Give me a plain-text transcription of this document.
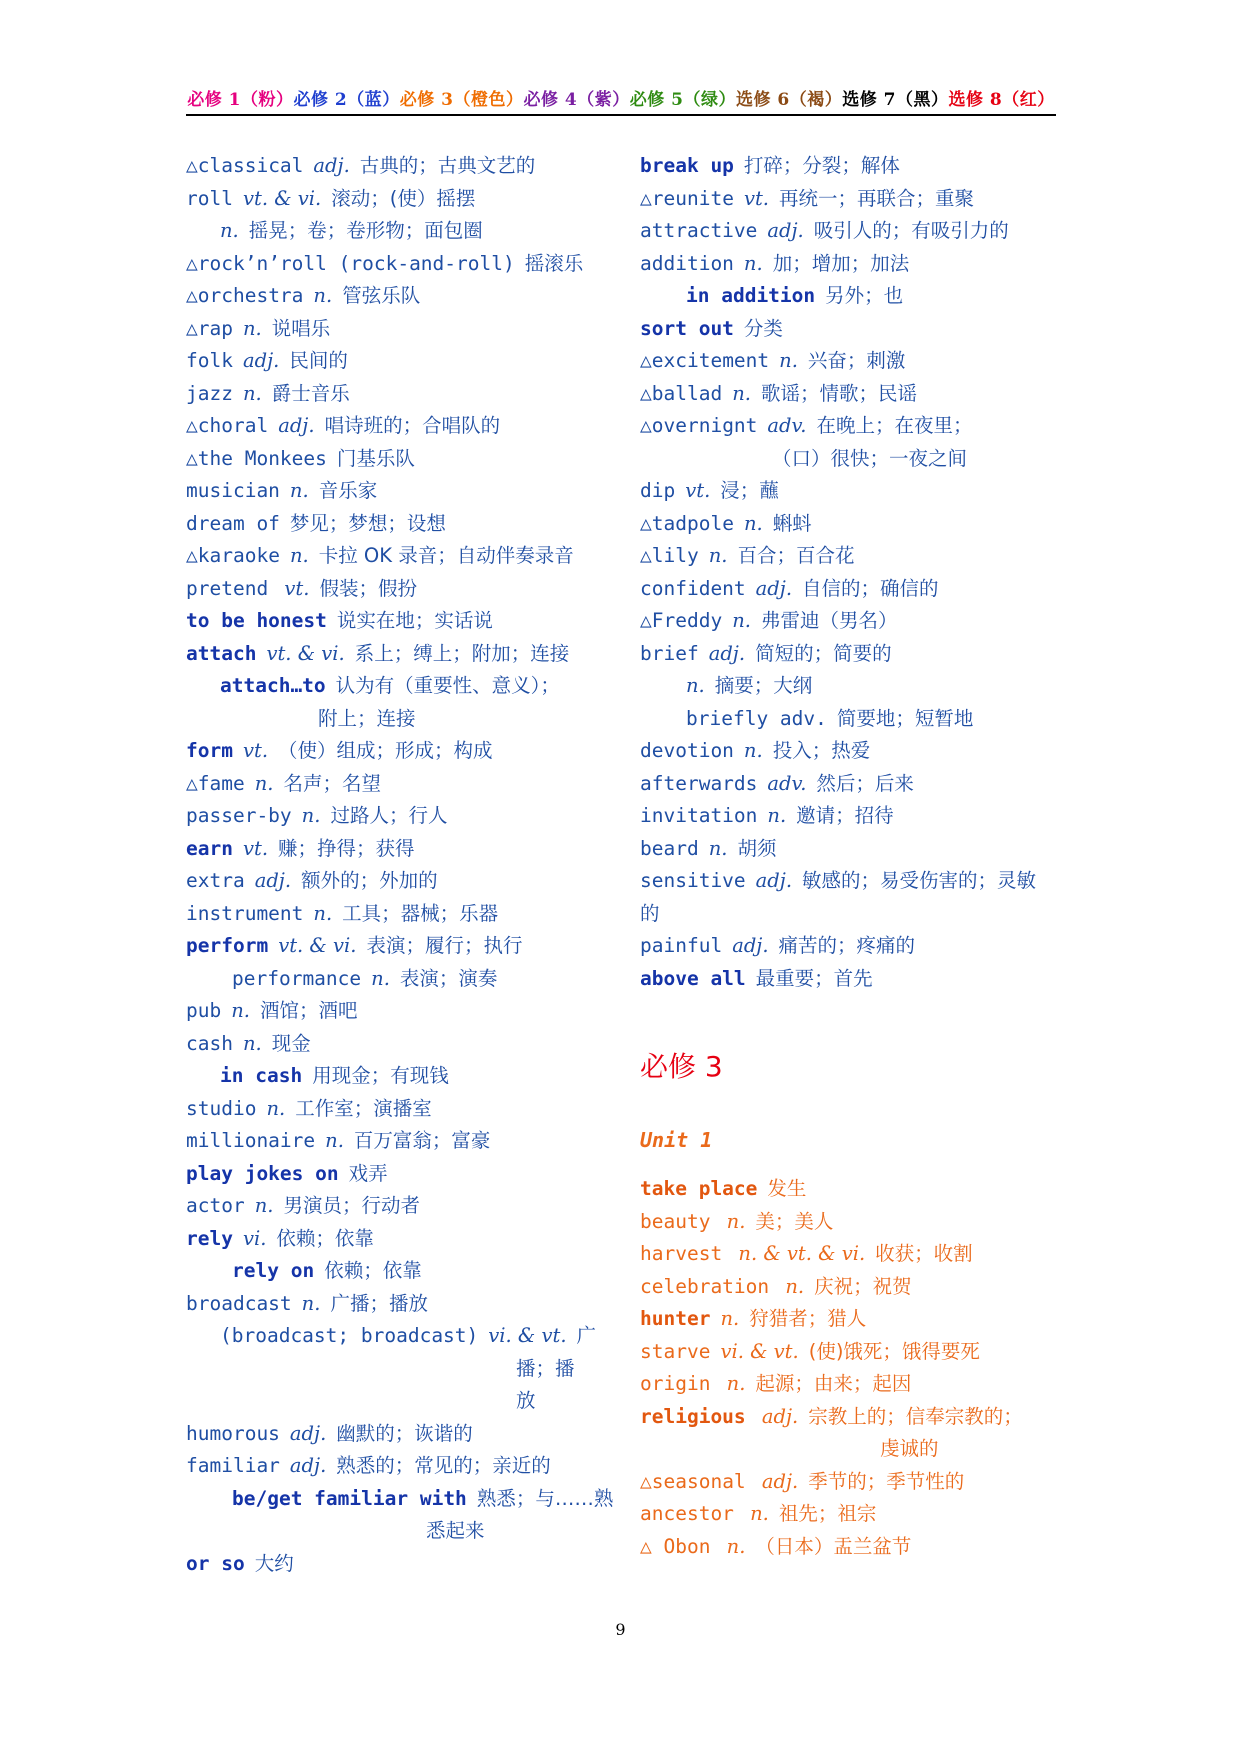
必修 1（粉）必修 2（蓝）必修 3（橙色）必修 4（紫）必修 5（绿）选修 6（褐）选修 7（黑）选修 8（红）
△classical adj. 古典的；古典文艺的
roll vt. & vi. 滚动；(使）摇摆
n. 摇晃；卷；卷形物；面包圈
△rock’n’roll (rock-and-roll) 摇滚乐
△orchestra n. 管弦乐队
△rap n. 说唱乐
folk adj. 民间的
jazz n. 爵士音乐
△choral adj. 唱诗班的；合唱队的
△the Monkees 门基乐队
musician n. 音乐家
dream of 梦见；梦想；设想
△karaoke n. 卡拉 OK 录音；自动伴奏录音
pretend vt. 假装；假扮
to be honest 说实在地；实话说
attach vt. & vi. 系上；缚上；附加；连接
attach…to 认为有（重要性、意义）；
附上；连接
form vt. （使）组成；形成；构成
△fame n. 名声；名望
passer-by n. 过路人；行人
earn vt. 赚；挣得；获得
extra adj. 额外的；外加的
instrument n. 工具；器械；乐器
perform vt. & vi. 表演；履行；执行
performance n. 表演；演奏
pub n. 酒馆；酒吧
cash n. 现金
in cash 用现金；有现钱
studio n. 工作室；演播室
millionaire n. 百万富翁；富豪
play jokes on 戏弄
actor n. 男演员；行动者
rely vi. 依赖；依靠
rely on 依赖；依靠
broadcast n. 广播；播放
(broadcast; broadcast) vi. & vt. 广
播；播
放
humorous adj. 幽默的；诙谐的
familiar adj. 熟悉的；常见的；亲近的
be/get familiar with 熟悉；与……熟
悉起来
or so 大约
break up 打碎；分裂；解体
△reunite vt. 再统一；再联合；重聚
attractive adj. 吸引人的；有吸引力的
addition n. 加；增加；加法
in addition 另外；也
sort out 分类
△excitement n. 兴奋；刺激
△ballad n. 歌谣；情歌；民谣
△overnignt adv. 在晚上；在夜里；
（口）很快；一夜之间
dip vt. 浸；蘸
△tadpole n. 蝌蚪
△lily n. 百合；百合花
confident adj. 自信的；确信的
△Freddy n. 弗雷迪（男名）
brief adj. 简短的；简要的
n. 摘要；大纲
briefly adv. 简要地；短暂地
devotion n. 投入；热爱
afterwards adv. 然后；后来
invitation n. 邀请；招待
beard n. 胡须
sensitive adj. 敏感的；易受伤害的；灵敏
的
painful adj. 痛苦的；疼痛的
above all 最重要；首先
必修 3
Unit 1
take place 发生
beauty n. 美；美人
harvest n. & vt. & vi. 收获；收割
celebration n. 庆祝；祝贺
hunter n. 狩猎者；猎人
starve vi. & vt. (使)饿死；饿得要死
origin n. 起源；由来；起因
religious adj. 宗教上的；信奉宗教的；
虔诚的
△seasonal adj. 季节的；季节性的
ancestor n. 祖先；祖宗
△ Obon n. （日本）盂兰盆节
9
